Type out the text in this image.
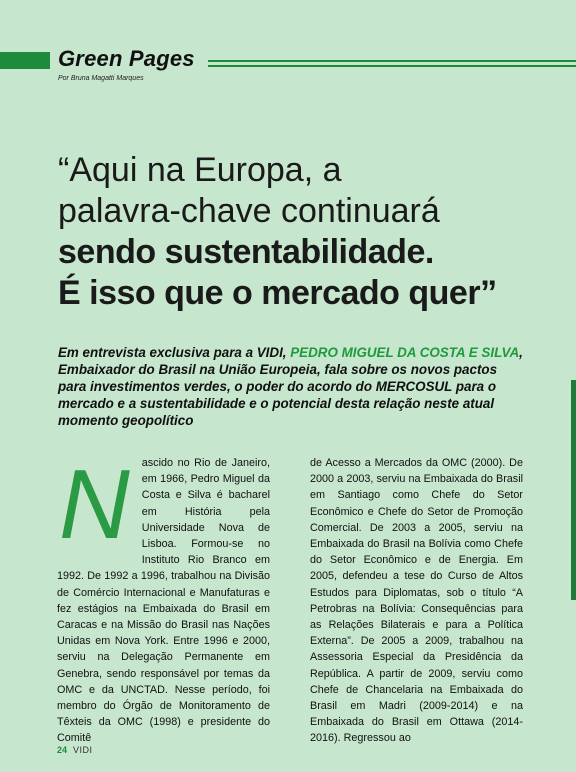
Green Pages
Por Bruna Magatti Marques
“Aqui na Europa, a
palavra-chave continuará
sendo sustentabilidade.
É isso que o mercado quer”

Em entrevista exclusiva para a VIDI, PEDRO MIGUEL DA COSTA E SILVA, Embaixador do Brasil na União Europeia, fala sobre os novos pactos para investimentos verdes, o poder do acordo do MERCOSUL para o mercado e a sustentabilidade e o potencial desta relação neste atual momento geopolítico

N ascido no Rio de Janeiro, em 1966, Pedro Miguel da Costa e Silva é bacharel em História pela Universidade Nova de Lisboa. Formou-se no Instituto Rio Branco em 1992. De 1992 a 1996, trabalhou na Divisão de Comércio Internacional e Manufaturas e fez estágios na Embaixada do Brasil em Caracas e na Missão do Brasil nas Nações Unidas em Nova York. Entre 1996 e 2000, serviu na Delegação Permanente em Genebra, sendo responsável por temas da OMC e da UNCTAD. Nesse período, foi membro do Órgão de Monitoramento de Têxteis da OMC (1998) e presidente do Comitê
de Acesso a Mercados da OMC (2000). De 2000 a 2003, serviu na Embaixada do Brasil em Santiago como Chefe do Setor Econômico e Chefe do Setor de Promoção Comercial. De 2003 a 2005, serviu na Embaixada do Brasil na Bolívia como Chefe do Setor Econômico e de Energia. Em 2005, defendeu a tese do Curso de Altos Estudos para Diplomatas, sob o título “A Petrobras na Bolívia: Consequências para as Relações Bilaterais e para a Política Externa”. De 2005 a 2009, trabalhou na Assessoria Especial da Presidência da República. A partir de 2009, serviu como Chefe de Chancelaria na Embaixada do Brasil em Madri (2009-2014) e na Embaixada do Brasil em Ottawa (2014-2016). Regressou ao
24 VIDI
